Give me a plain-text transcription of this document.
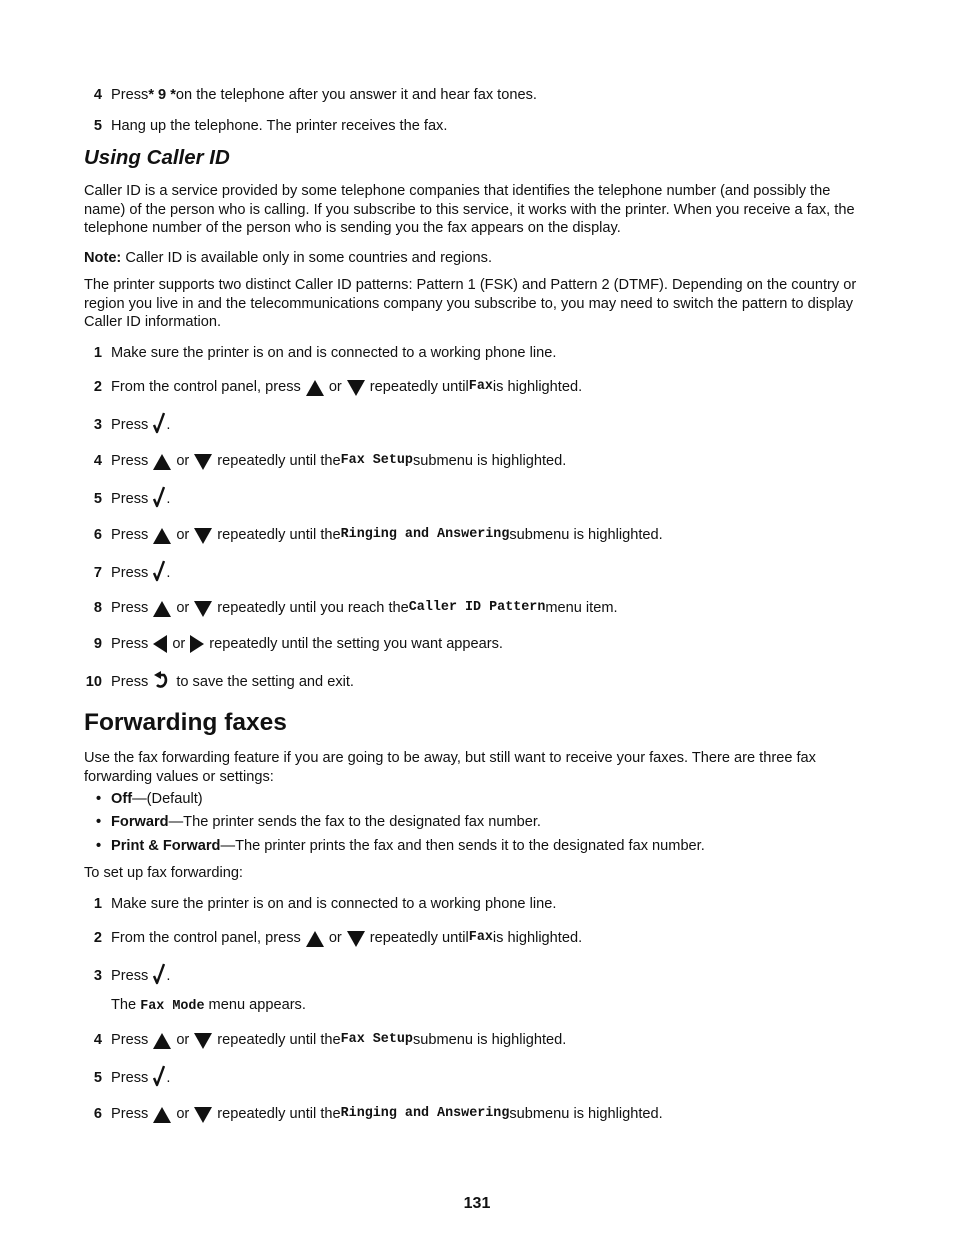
4 Press * 9 * on the telephone after you answer it and hear fax tones.
5 Hang up the telephone. The printer receives the fax.
Using Caller ID
Caller ID is a service provided by some telephone companies that identifies the telephone number (and possibly the name) of the person who is calling. If you subscribe to this service, it works with the printer. When you receive a fax, the telephone number of the person who is sending you the fax appears on the display.
Note: Caller ID is available only in some countries and regions.
The printer supports two distinct Caller ID patterns: Pattern 1 (FSK) and Pattern 2 (DTMF). Depending on the country or region you live in and the telecommunications company you subscribe to, you may need to switch the pattern to display Caller ID information.
1 Make sure the printer is on and is connected to a working phone line.
2 From the control panel, press or repeatedly until Fax is highlighted.
3 Press .
4 Press or repeatedly until the Fax Setup submenu is highlighted.
5 Press .
6 Press or repeatedly until the Ringing and Answering submenu is highlighted.
7 Press .
8 Press or repeatedly until you reach the Caller ID Pattern menu item.
9 Press or repeatedly until the setting you want appears.
10 Press to save the setting and exit.
Forwarding faxes
Use the fax forwarding feature if you are going to be away, but still want to receive your faxes. There are three fax forwarding values or settings:
• Off—(Default)
• Forward—The printer sends the fax to the designated fax number.
• Print & Forward—The printer prints the fax and then sends it to the designated fax number.
To set up fax forwarding:
1 Make sure the printer is on and is connected to a working phone line.
2 From the control panel, press or repeatedly until Fax is highlighted.
3 Press .
The Fax Mode menu appears.
4 Press or repeatedly until the Fax Setup submenu is highlighted.
5 Press .
6 Press or repeatedly until the Ringing and Answering submenu is highlighted.
131
